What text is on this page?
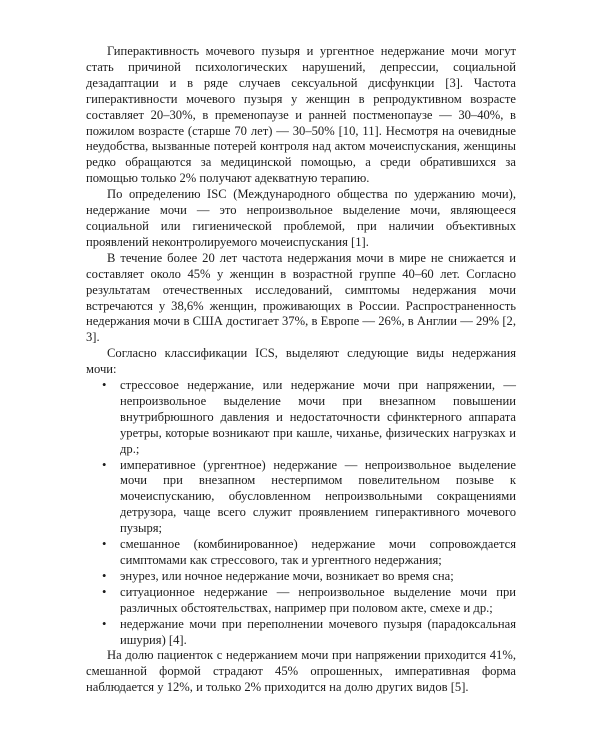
Гиперактивность мочевого пузыря и ургентное недержание мочи могут стать причиной психологических нарушений, депрессии, социальной дезадаптации и в ряде случаев сексуальной дисфункции [3]. Частота гиперактивности мочевого пузыря у женщин в репродуктивном возрасте составляет 20–30%, в пременопаузе и ранней постменопаузе — 30–40%, в пожилом возрасте (старше 70 лет) — 30–50% [10, 11]. Несмотря на очевидные неудобства, вызванные потерей контроля над актом мочеиспускания, женщины редко обращаются за медицинской помощью, а среди обратившихся за помощью только 2% получают адекватную терапию.

По определению ISC (Международного общества по удержанию мочи), недержание мочи — это непроизвольное выделение мочи, являющееся социальной или гигиенической проблемой, при наличии объективных проявлений неконтролируемого мочеиспускания [1].

В течение более 20 лет частота недержания мочи в мире не снижается и составляет около 45% у женщин в возрастной группе 40–60 лет. Согласно результатам отечественных исследований, симптомы недержания мочи встречаются у 38,6% женщин, проживающих в России. Распространенность недержания мочи в США достигает 37%, в Европе — 26%, в Англии — 29% [2, 3].

Согласно классификации ICS, выделяют следующие виды недержания мочи:

• стрессовое недержание, или недержание мочи при напряжении, — непроизвольное выделение мочи при внезапном повышении внутрибрюшного давления и недостаточности сфинктерного аппарата уретры, которые возникают при кашле, чиханье, физических нагрузках и др.;
• императивное (ургентное) недержание — непроизвольное выделение мочи при внезапном нестерпимом повелительном позыве к мочеиспусканию, обусловленном непроизвольными сокращениями детрузора, чаще всего служит проявлением гиперактивного мочевого пузыря;
• смешанное (комбинированное) недержание мочи сопровождается симптомами как стрессового, так и ургентного недержания;
• энурез, или ночное недержание мочи, возникает во время сна;
• ситуационное недержание — непроизвольное выделение мочи при различных обстоятельствах, например при половом акте, смехе и др.;
• недержание мочи при переполнении мочевого пузыря (парадоксальная ишурия) [4].

На долю пациенток с недержанием мочи при напряжении приходится 41%, смешанной формой страдают 45% опрошенных, императивная форма наблюдается у 12%, и только 2% приходится на долю других видов [5].
